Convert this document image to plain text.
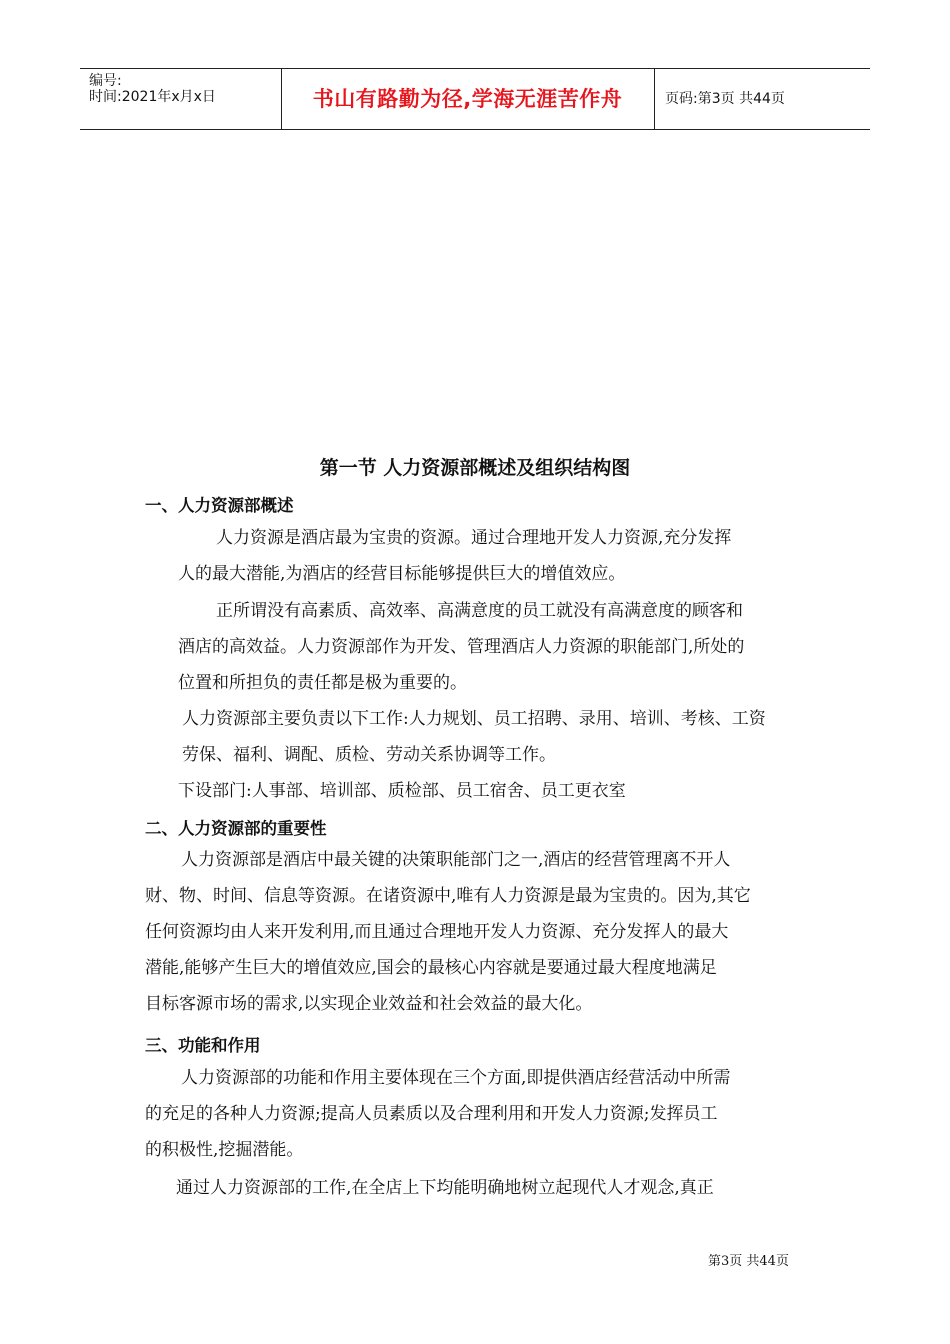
编号:
时间:2021年x月x日	书山有路勤为径,学海无涯苦作舟	页码:第3页 共44页
第一节 人力资源部概述及组织结构图
一、人力资源部概述
人力资源是酒店最为宝贵的资源。通过合理地开发人力资源,充分发挥
人的最大潜能,为酒店的经营目标能够提供巨大的增值效应。
正所谓没有高素质、高效率、高满意度的员工就没有高满意度的顾客和
酒店的高效益。人力资源部作为开发、管理酒店人力资源的职能部门,所处的
位置和所担负的责任都是极为重要的。
人力资源部主要负责以下工作:人力规划、员工招聘、录用、培训、考核、工资
劳保、福利、调配、质检、劳动关系协调等工作。
下设部门:人事部、培训部、质检部、员工宿舍、员工更衣室
二、人力资源部的重要性
人力资源部是酒店中最关键的决策职能部门之一,酒店的经营管理离不开人
财、物、时间、信息等资源。在诸资源中,唯有人力资源是最为宝贵的。因为,其它
任何资源均由人来开发利用,而且通过合理地开发人力资源、充分发挥人的最大
潜能,能够产生巨大的增值效应,国会的最核心内容就是要通过最大程度地满足
目标客源市场的需求,以实现企业效益和社会效益的最大化。
三、功能和作用
人力资源部的功能和作用主要体现在三个方面,即提供酒店经营活动中所需
的充足的各种人力资源;提高人员素质以及合理利用和开发人力资源;发挥员工
的积极性,挖掘潜能。
通过人力资源部的工作,在全店上下均能明确地树立起现代人才观念,真正
第3页 共44页
